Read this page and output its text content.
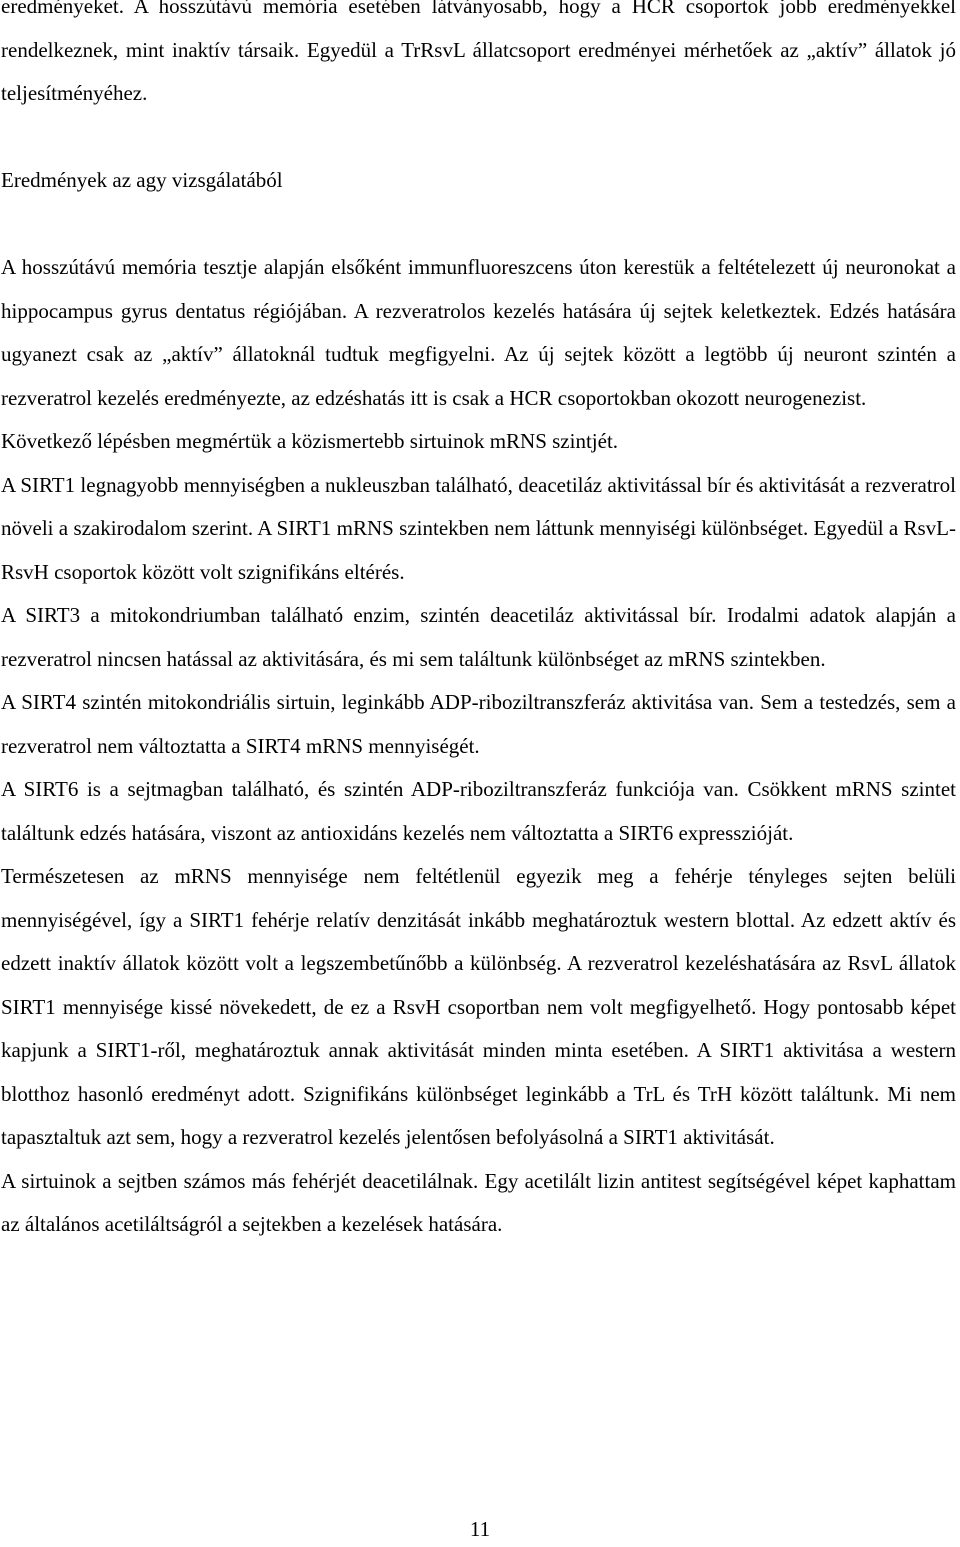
eredményeket. A hosszútávú memória esetében látványosabb, hogy a HCR csoportok jobb eredményekkel rendelkeznek, mint inaktív társaik. Egyedül a TrRsvL állatcsoport eredményei mérhetőek az „aktív” állatok jó teljesítményéhez.

Eredmények az agy vizsgálatából

A hosszútávú memória tesztje alapján elsőként immunfluoreszcens úton kerestük a feltételezett új neuronokat a hippocampus gyrus dentatus régiójában. A rezveratrolos kezelés hatására új sejtek keletkeztek. Edzés hatására ugyanezt csak az „aktív” állatoknál tudtuk megfigyelni. Az új sejtek között a legtöbb új neuront szintén a rezveratrol kezelés eredményezte, az edzéshatás itt is csak a HCR csoportokban okozott neurogenezist.

Következő lépésben megmértük a közismertebb sirtuinok mRNS szintjét.

A SIRT1 legnagyobb mennyiségben a nukleuszban található, deacetiláz aktivitással bír és aktivitását a rezveratrol növeli a szakirodalom szerint. A SIRT1 mRNS szintekben nem láttunk mennyiségi különbséget. Egyedül a RsvL-RsvH csoportok között volt szignifikáns eltérés.

A SIRT3 a mitokondriumban található enzim, szintén deacetiláz aktivitással bír. Irodalmi adatok alapján a rezveratrol nincsen hatással az aktivitására, és mi sem találtunk különbséget az mRNS szintekben.

A SIRT4 szintén mitokondriális sirtuin, leginkább ADP-riboziltranszferáz aktivitása van. Sem a testedzés, sem a rezveratrol nem változtatta a SIRT4 mRNS mennyiségét.

A SIRT6 is a sejtmagban található, és szintén ADP-riboziltranszferáz funkciója van. Csökkent mRNS szintet találtunk edzés hatására, viszont az antioxidáns kezelés nem változtatta a SIRT6 expresszióját.

Természetesen az mRNS mennyisége nem feltétlenül egyezik meg a fehérje tényleges sejten belüli mennyiségével, így a SIRT1 fehérje relatív denzitását inkább meghatároztuk western blottal. Az edzett aktív és edzett inaktív állatok között volt a legszembetűnőbb a különbség. A rezveratrol kezeléshatására az RsvL állatok SIRT1 mennyisége kissé növekedett, de ez a RsvH csoportban nem volt megfigyelhető. Hogy pontosabb képet kapjunk a SIRT1-ről, meghatároztuk annak aktivitását minden minta esetében. A SIRT1 aktivitása a western blotthoz hasonló eredményt adott. Szignifikáns különbséget leginkább a TrL és TrH között találtunk. Mi nem tapasztaltuk azt sem, hogy a rezveratrol kezelés jelentősen befolyásolná a SIRT1 aktivitását.

A sirtuinok a sejtben számos más fehérjét deacetilálnak. Egy acetilált lizin antitest segítségével képet kaphattam az általános acetiláltságról a sejtekben a kezelések hatására.

11
